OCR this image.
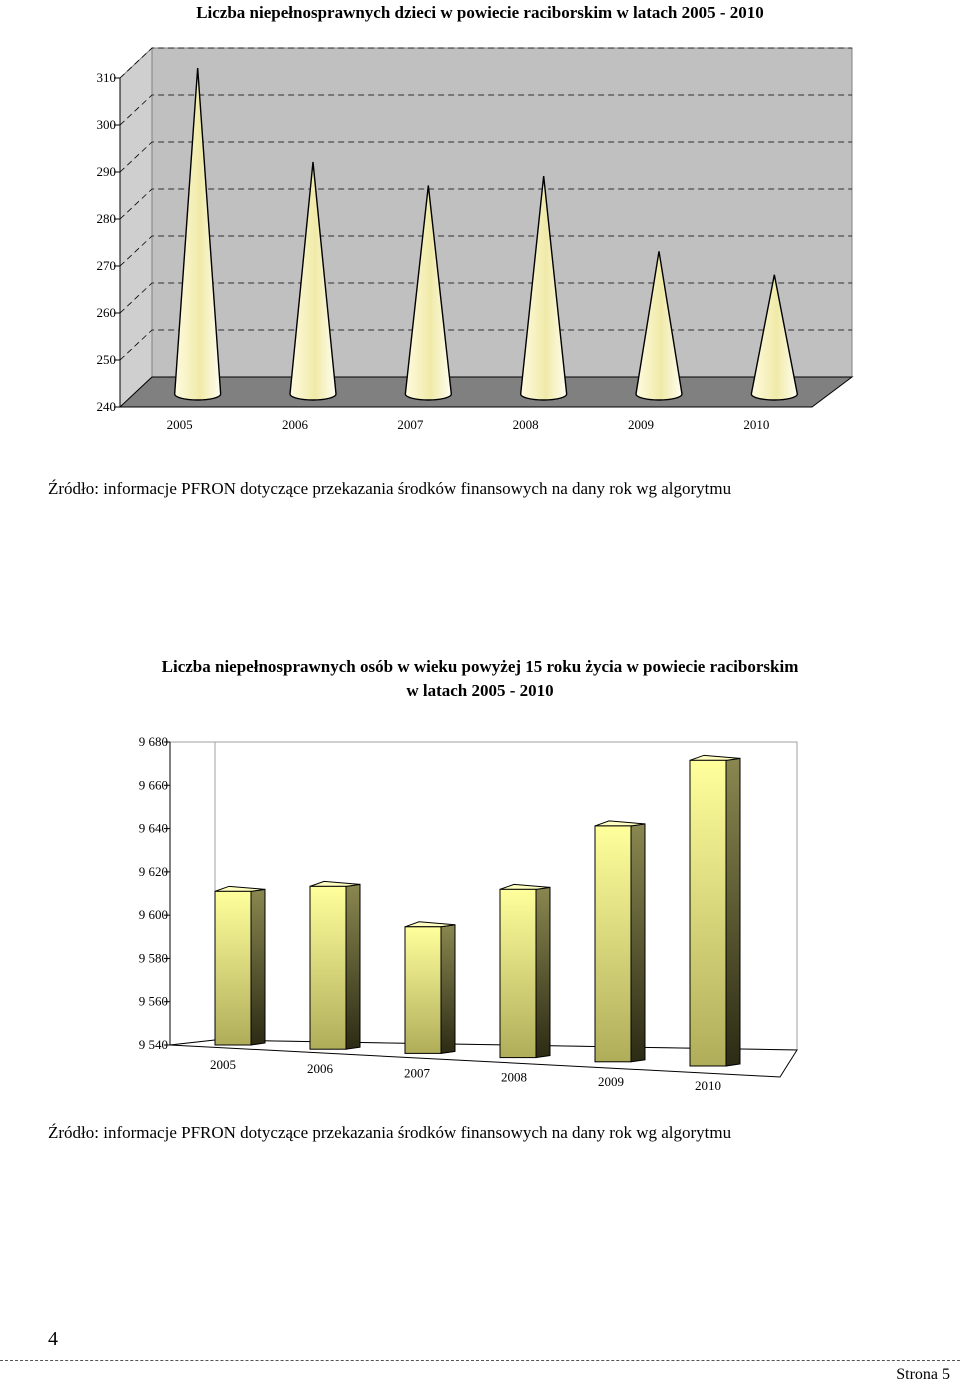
Liczba niepełnosprawnych dzieci w powiecie raciborskim w latach 2005 - 2010
240
250
260
270
280
290
300
310
2005	2006	2007	2008	2009	2010
Źródło: informacje PFRON dotyczące przekazania środków finansowych na dany rok wg algorytmu
Liczba niepełnosprawnych osób w wieku powyżej 15 roku życia w powiecie raciborskim
w latach 2005 - 2010
9 540
9 560
9 580
9 600
9 620
9 640
9 660
9 680
2005	2006	2007	2008	2009	2010
Źródło: informacje PFRON dotyczące przekazania środków finansowych na dany rok wg algorytmu
4
Strona 5
